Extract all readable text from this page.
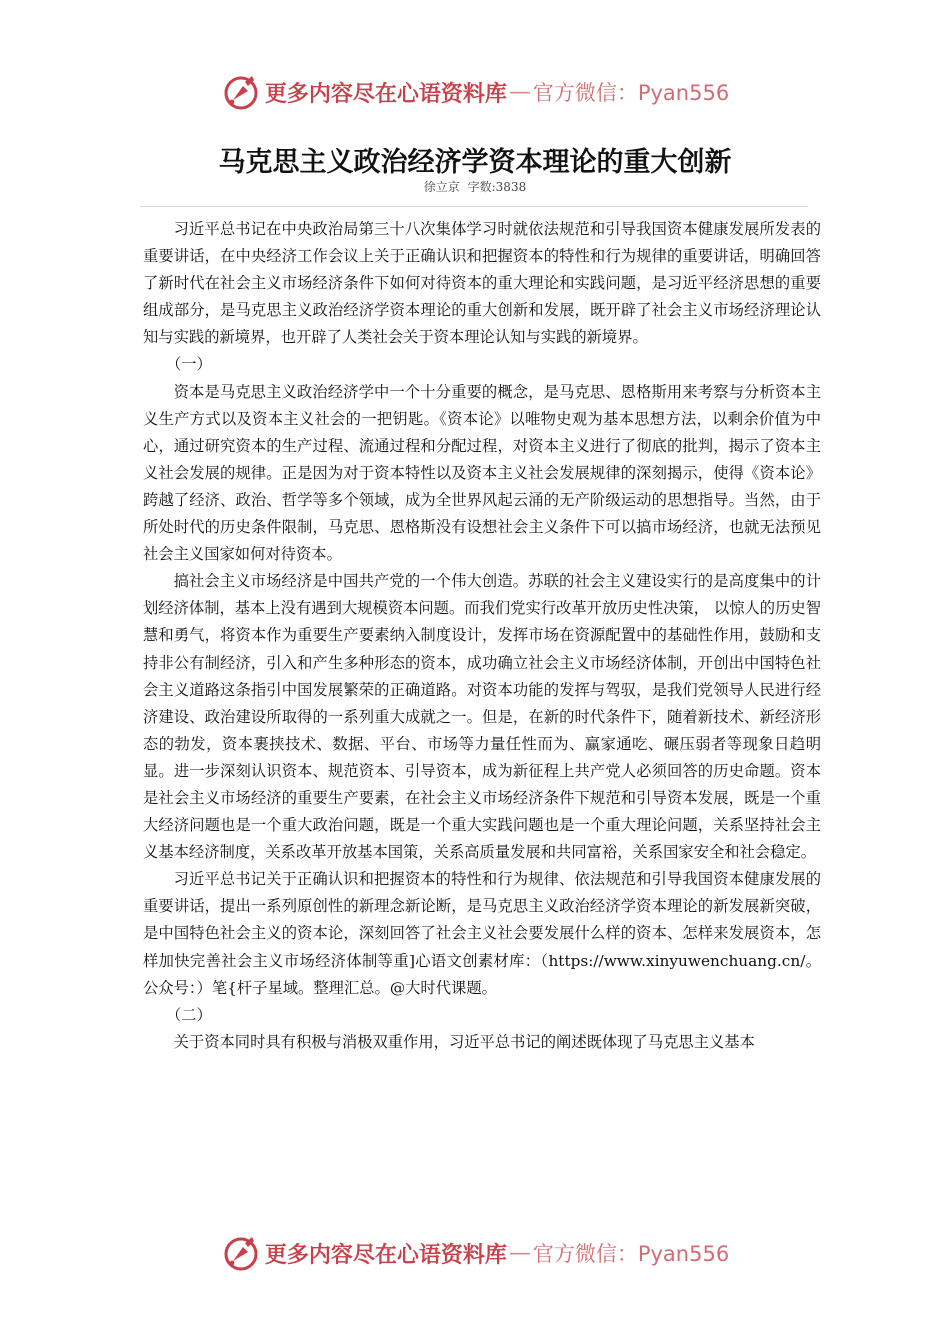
更多内容尽在心语资料库 — 官方微信：Pyan556
马克思主义政治经济学资本理论的重大创新
徐立京 字数:3838

习近平总书记在中央政治局第三十八次集体学习时就依法规范和引导我国资本健康发展所发表的重要讲话，在中央经济工作会议上关于正确认识和把握资本的特性和行为规律的重要讲话，明确回答了新时代在社会主义市场经济条件下如何对待资本的重大理论和实践问题，是习近平经济思想的重要组成部分，是马克思主义政治经济学资本理论的重大创新和发展，既开辟了社会主义市场经济理论认知与实践的新境界，也开辟了人类社会关于资本理论认知与实践的新境界。

（一）

资本是马克思主义政治经济学中一个十分重要的概念，是马克思、恩格斯用来考察与分析资本主义生产方式以及资本主义社会的一把钥匙。《资本论》以唯物史观为基本思想方法，以剩余价值为中心，通过研究资本的生产过程、流通过程和分配过程，对资本主义进行了彻底的批判，揭示了资本主义社会发展的规律。正是因为对于资本特性以及资本主义社会发展规律的深刻揭示，使得《资本论》跨越了经济、政治、哲学等多个领域，成为全世界风起云涌的无产阶级运动的思想指导。当然，由于所处时代的历史条件限制，马克思、恩格斯没有设想社会主义条件下可以搞市场经济，也就无法预见社会主义国家如何对待资本。

搞社会主义市场经济是中国共产党的一个伟大创造。苏联的社会主义建设实行的是高度集中的计划经济体制，基本上没有遇到大规模资本问题。而我们党实行改革开放历史性决策， 以惊人的历史智慧和勇气，将资本作为重要生产要素纳入制度设计，发挥市场在资源配置中的基础性作用，鼓励和支持非公有制经济，引入和产生多种形态的资本，成功确立社会主义市场经济体制，开创出中国特色社会主义道路这条指引中国发展繁荣的正确道路。对资本功能的发挥与驾驭，是我们党领导人民进行经济建设、政治建设所取得的一系列重大成就之一。但是，在新的时代条件下，随着新技术、新经济形态的勃发，资本裹挟技术、数据、平台、市场等力量任性而为、赢家通吃、碾压弱者等现象日趋明显。进一步深刻认识资本、规范资本、引导资本，成为新征程上共产党人必须回答的历史命题。资本是社会主义市场经济的重要生产要素，在社会主义市场经济条件下规范和引导资本发展，既是一个重大经济问题也是一个重大政治问题，既是一个重大实践问题也是一个重大理论问题，关系坚持社会主义基本经济制度，关系改革开放基本国策，关系高质量发展和共同富裕，关系国家安全和社会稳定。

习近平总书记关于正确认识和把握资本的特性和行为规律、依法规范和引导我国资本健康发展的重要讲话，提出一系列原创性的新理念新论断，是马克思主义政治经济学资本理论的新发展新突破，是中国特色社会主义的资本论，深刻回答了社会主义社会要发展什么样的资本、怎样来发展资本，怎样加快完善社会主义市场经济体制等重]心语文创素材库：（https://www.xinyuwenchuang.cn/。公众号：）笔{杆子星域。整理汇总。@大时代课题。

（二）

关于资本同时具有积极与消极双重作用，习近平总书记的阐述既体现了马克思主义基本

更多内容尽在心语资料库 — 官方微信：Pyan556
